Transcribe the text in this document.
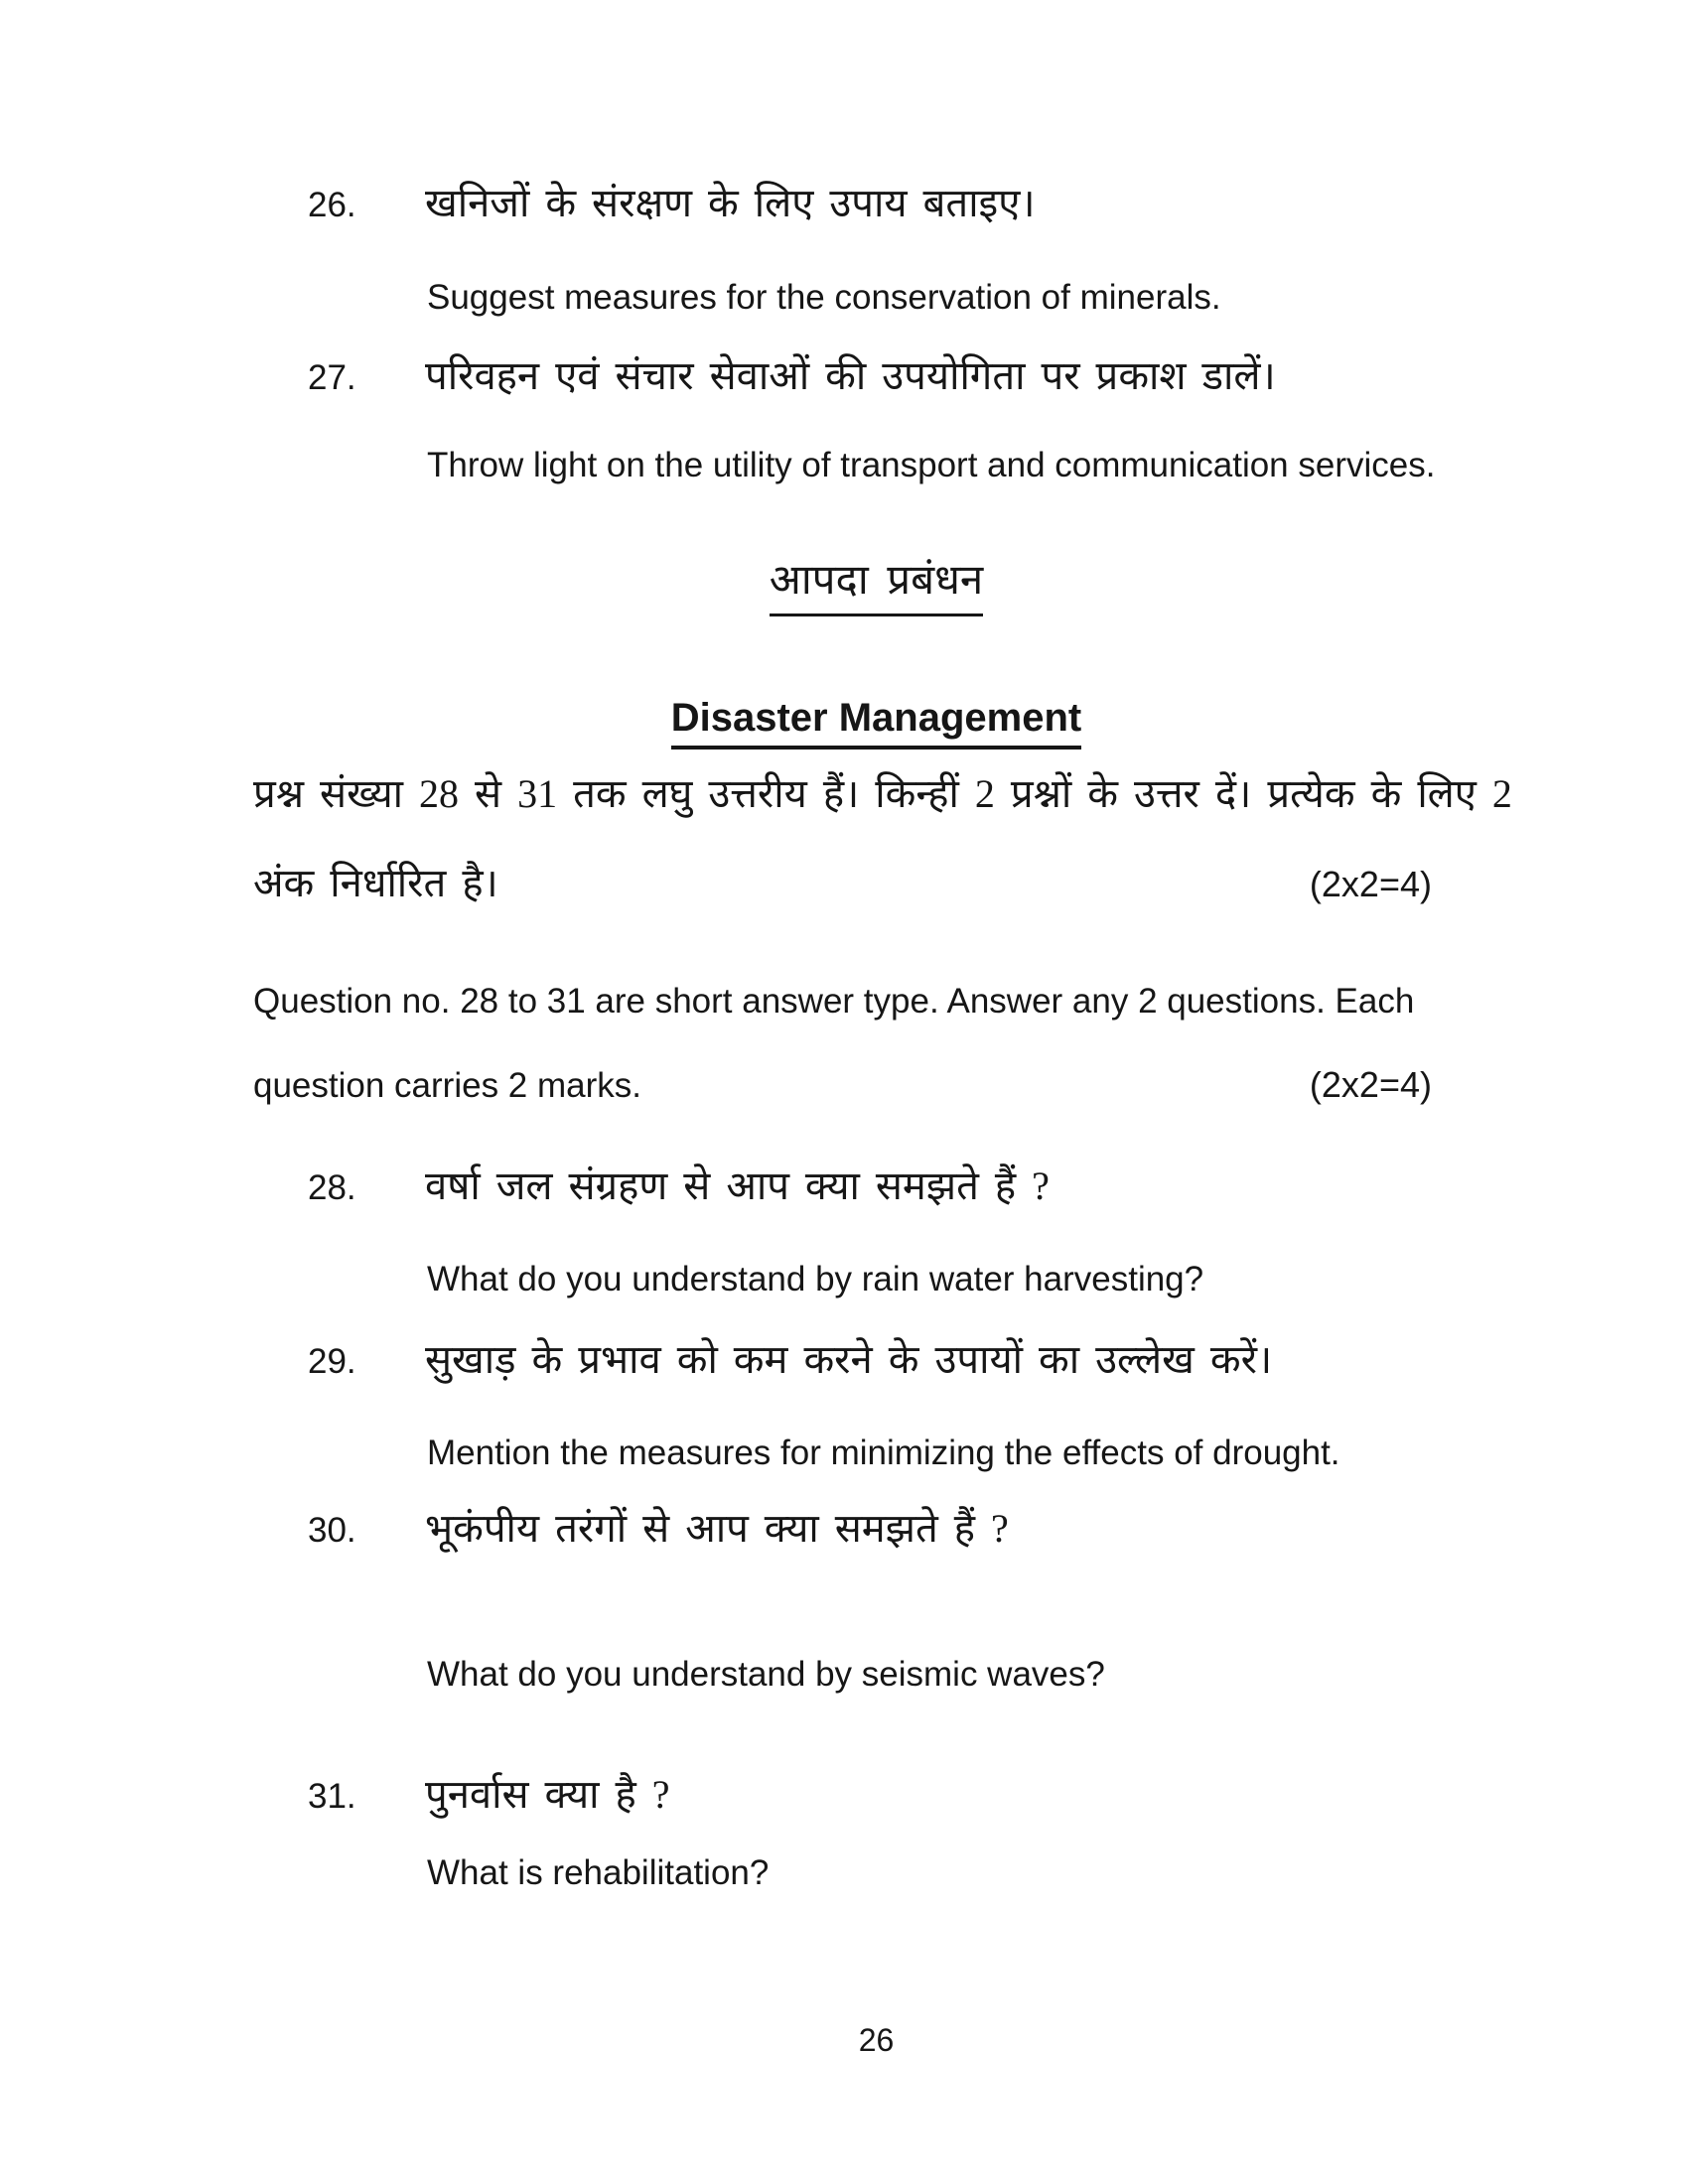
26. खनिजों के संरक्षण के लिए उपाय बताइए।
Suggest measures for the conservation of minerals.
27. परिवहन एवं संचार सेवाओं की उपयोगिता पर प्रकाश डालें।
Throw light on the utility of transport and communication services.
आपदा प्रबंधन
Disaster Management
प्रश्न संख्या 28 से 31 तक लघु उत्तरीय हैं। किन्हीं 2 प्रश्नों के उत्तर दें। प्रत्येक के लिए 2
अंक निर्धारित है।	(2x2=4)
Question no. 28 to 31 are short answer type. Answer any 2 questions. Each
question carries 2 marks.	(2x2=4)
28. वर्षा जल संग्रहण से आप क्या समझते हैं ?
What do you understand by rain water harvesting?
29. सुखाड़ के प्रभाव को कम करने के उपायों का उल्लेख करें।
Mention the measures for minimizing the effects of drought.
30. भूकंपीय तरंगों से आप क्या समझते हैं ?
What do you understand by seismic waves?
31. पुनर्वास क्या है ?
What is rehabilitation?
26
